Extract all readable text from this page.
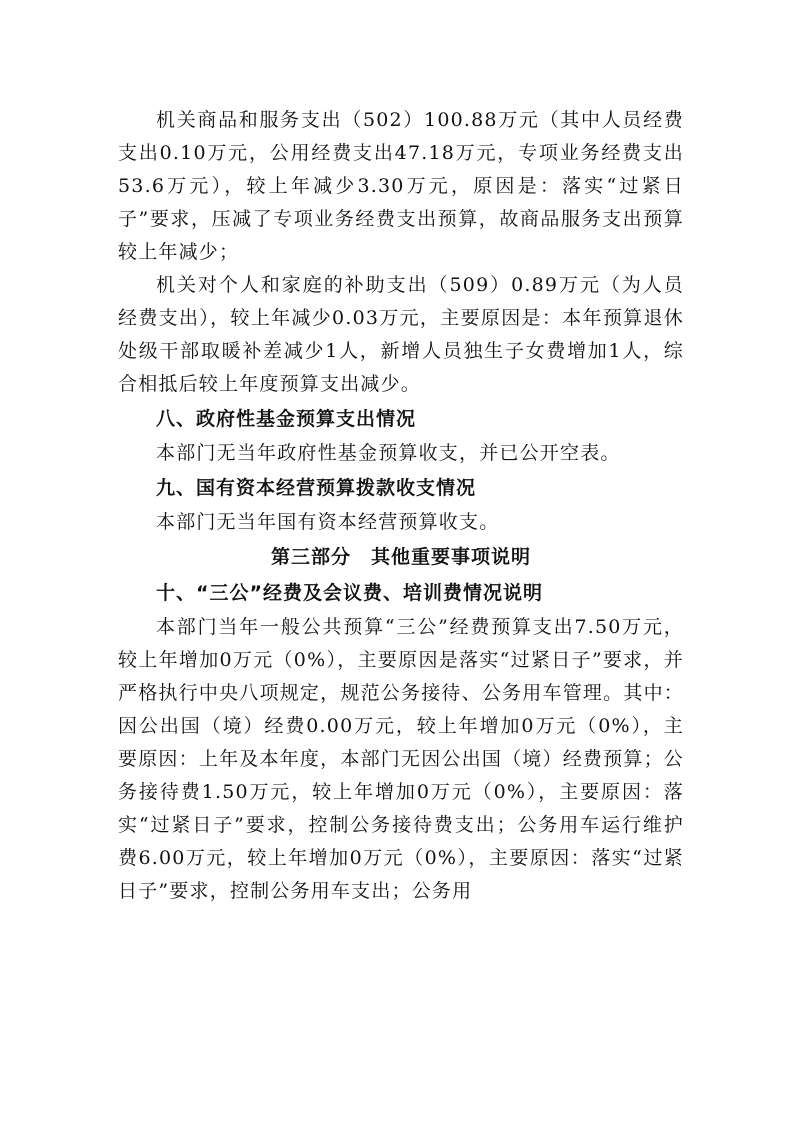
机关商品和服务支出（502）100.88万元（其中人员经费支出0.10万元，公用经费支出47.18万元，专项业务经费支出53.6万元），较上年减少3.30万元，原因是：落实“过紧日子”要求，压减了专项业务经费支出预算，故商品服务支出预算较上年减少；

机关对个人和家庭的补助支出（509）0.89万元（为人员经费支出），较上年减少0.03万元，主要原因是：本年预算退休处级干部取暖补差减少1人，新增人员独生子女费增加1人，综合相抵后较上年度预算支出减少。

八、政府性基金预算支出情况

本部门无当年政府性基金预算收支，并已公开空表。

九、国有资本经营预算拨款收支情况

本部门无当年国有资本经营预算收支。

第三部分　其他重要事项说明

十、“三公”经费及会议费、培训费情况说明

本部门当年一般公共预算“三公”经费预算支出7.50万元，较上年增加0万元（0%），主要原因是落实“过紧日子”要求，并严格执行中央八项规定，规范公务接待、公务用车管理。其中：因公出国（境）经费0.00万元，较上年增加0万元（0%），主要原因：上年及本年度，本部门无因公出国（境）经费预算；公务接待费1.50万元，较上年增加0万元（0%），主要原因：落实“过紧日子”要求，控制公务接待费支出；公务用车运行维护费6.00万元，较上年增加0万元（0%），主要原因：落实“过紧日子”要求，控制公务用车支出；公务用
